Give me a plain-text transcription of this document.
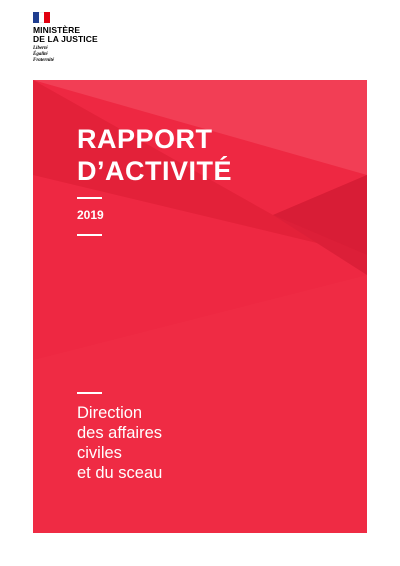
MINISTÈRE
DE LA JUSTICE
Liberté
Égalité
Fraternité
RAPPORT
D’ACTIVITÉ
2019
Direction
des affaires
civiles
et du sceau
